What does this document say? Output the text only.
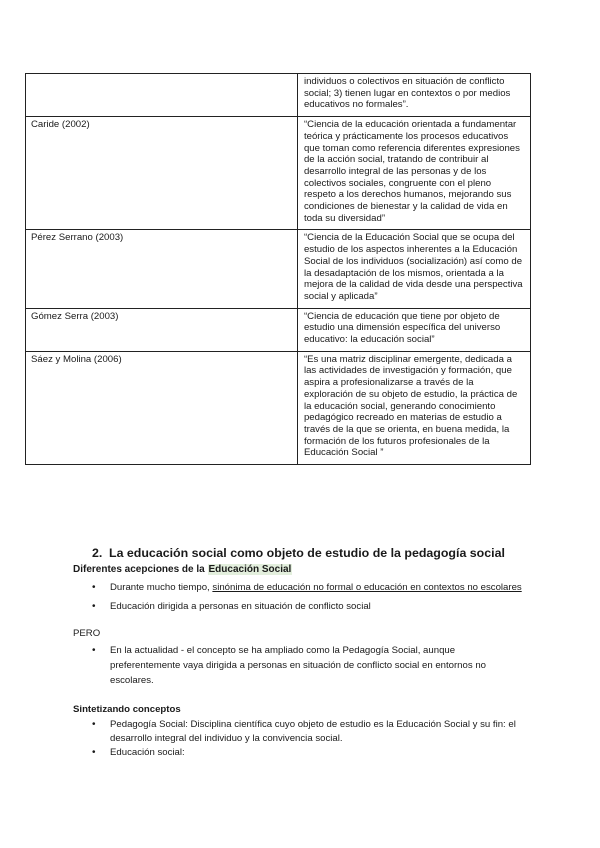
	individuos o colectivos en situación de conflicto social; 3) tienen lugar en contextos o por medios educativos no formales”.
Caride (2002)	“Ciencia de la educación orientada a fundamentar teórica y prácticamente los procesos educativos que toman como referencia diferentes expresiones de la acción social, tratando de contribuir al desarrollo integral de las personas y de los colectivos sociales, congruente con el pleno respeto a los derechos humanos, mejorando sus condiciones de bienestar y la calidad de vida en toda su diversidad”
Pérez Serrano (2003)	“Ciencia de la Educación Social que se ocupa del estudio de los aspectos inherentes a la Educación Social de los individuos (socialización) así como de la desadaptación de los mismos, orientada a la mejora de la calidad de vida desde una perspectiva social y aplicada”
Gómez Serra (2003)	“Ciencia de educación que tiene por objeto de estudio una dimensión específica del universo educativo: la educación social”
Sáez y Molina (2006)	“Es una matriz disciplinar emergente, dedicada a las actividades de investigación y formación, que aspira a profesionalizarse a través de la exploración de su objeto de estudio, la práctica de la educación social, generando conocimiento pedagógico recreado en materias de estudio a través de la que se orienta, en buena medida, la formación de los futuros profesionales de la Educación Social ”
2. La educación social como objeto de estudio de la pedagogía social
Diferentes acepciones de la Educación Social
• Durante mucho tiempo, sinónima de educación no formal o educación en contextos no escolares
• Educación dirigida a personas en situación de conflicto social
PERO
• En la actualidad - el concepto se ha ampliado como la Pedagogía Social, aunque preferentemente vaya dirigida a personas en situación de conflicto social en entornos no escolares.
Sintetizando conceptos
• Pedagogía Social: Disciplina científica cuyo objeto de estudio es la Educación Social y su fin: el desarrollo integral del individuo y la convivencia social.
• Educación social:
